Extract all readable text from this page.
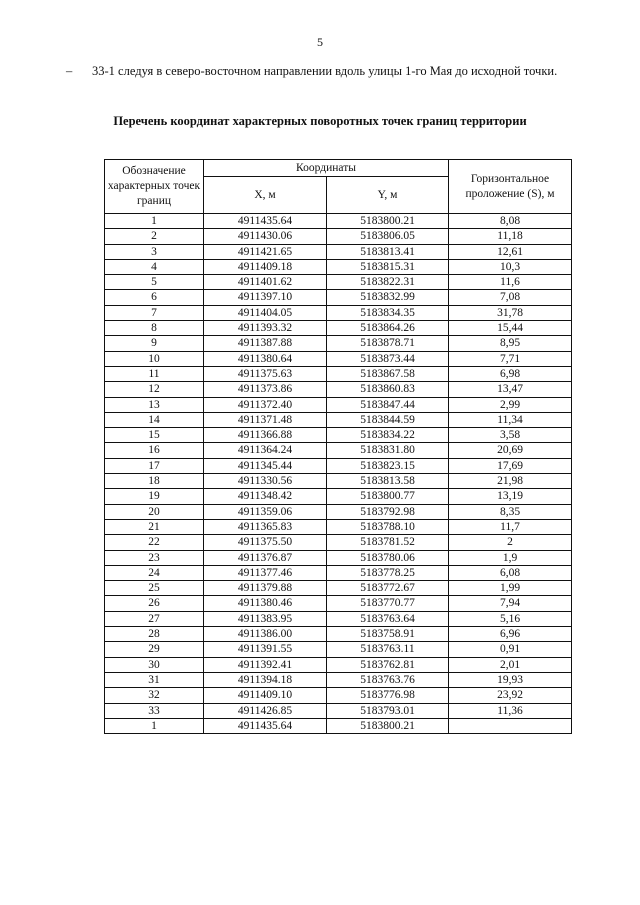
5
– 33-1 следуя в северо-восточном направлении вдоль улицы 1-го Мая до исходной точки.
Перечень координат характерных поворотных точек границ территории
Обозначение характерных точек границ	Координаты		Горизонтальное проложение (S), м
	X, м	Y, м	
1	4911435.64	5183800.21	8,08
2	4911430.06	5183806.05	11,18
3	4911421.65	5183813.41	12,61
4	4911409.18	5183815.31	10,3
5	4911401.62	5183822.31	11,6
6	4911397.10	5183832.99	7,08
7	4911404.05	5183834.35	31,78
8	4911393.32	5183864.26	15,44
9	4911387.88	5183878.71	8,95
10	4911380.64	5183873.44	7,71
11	4911375.63	5183867.58	6,98
12	4911373.86	5183860.83	13,47
13	4911372.40	5183847.44	2,99
14	4911371.48	5183844.59	11,34
15	4911366.88	5183834.22	3,58
16	4911364.24	5183831.80	20,69
17	4911345.44	5183823.15	17,69
18	4911330.56	5183813.58	21,98
19	4911348.42	5183800.77	13,19
20	4911359.06	5183792.98	8,35
21	4911365.83	5183788.10	11,7
22	4911375.50	5183781.52	2
23	4911376.87	5183780.06	1,9
24	4911377.46	5183778.25	6,08
25	4911379.88	5183772.67	1,99
26	4911380.46	5183770.77	7,94
27	4911383.95	5183763.64	5,16
28	4911386.00	5183758.91	6,96
29	4911391.55	5183763.11	0,91
30	4911392.41	5183762.81	2,01
31	4911394.18	5183763.76	19,93
32	4911409.10	5183776.98	23,92
33	4911426.85	5183793.01	11,36
1	4911435.64	5183800.21	
